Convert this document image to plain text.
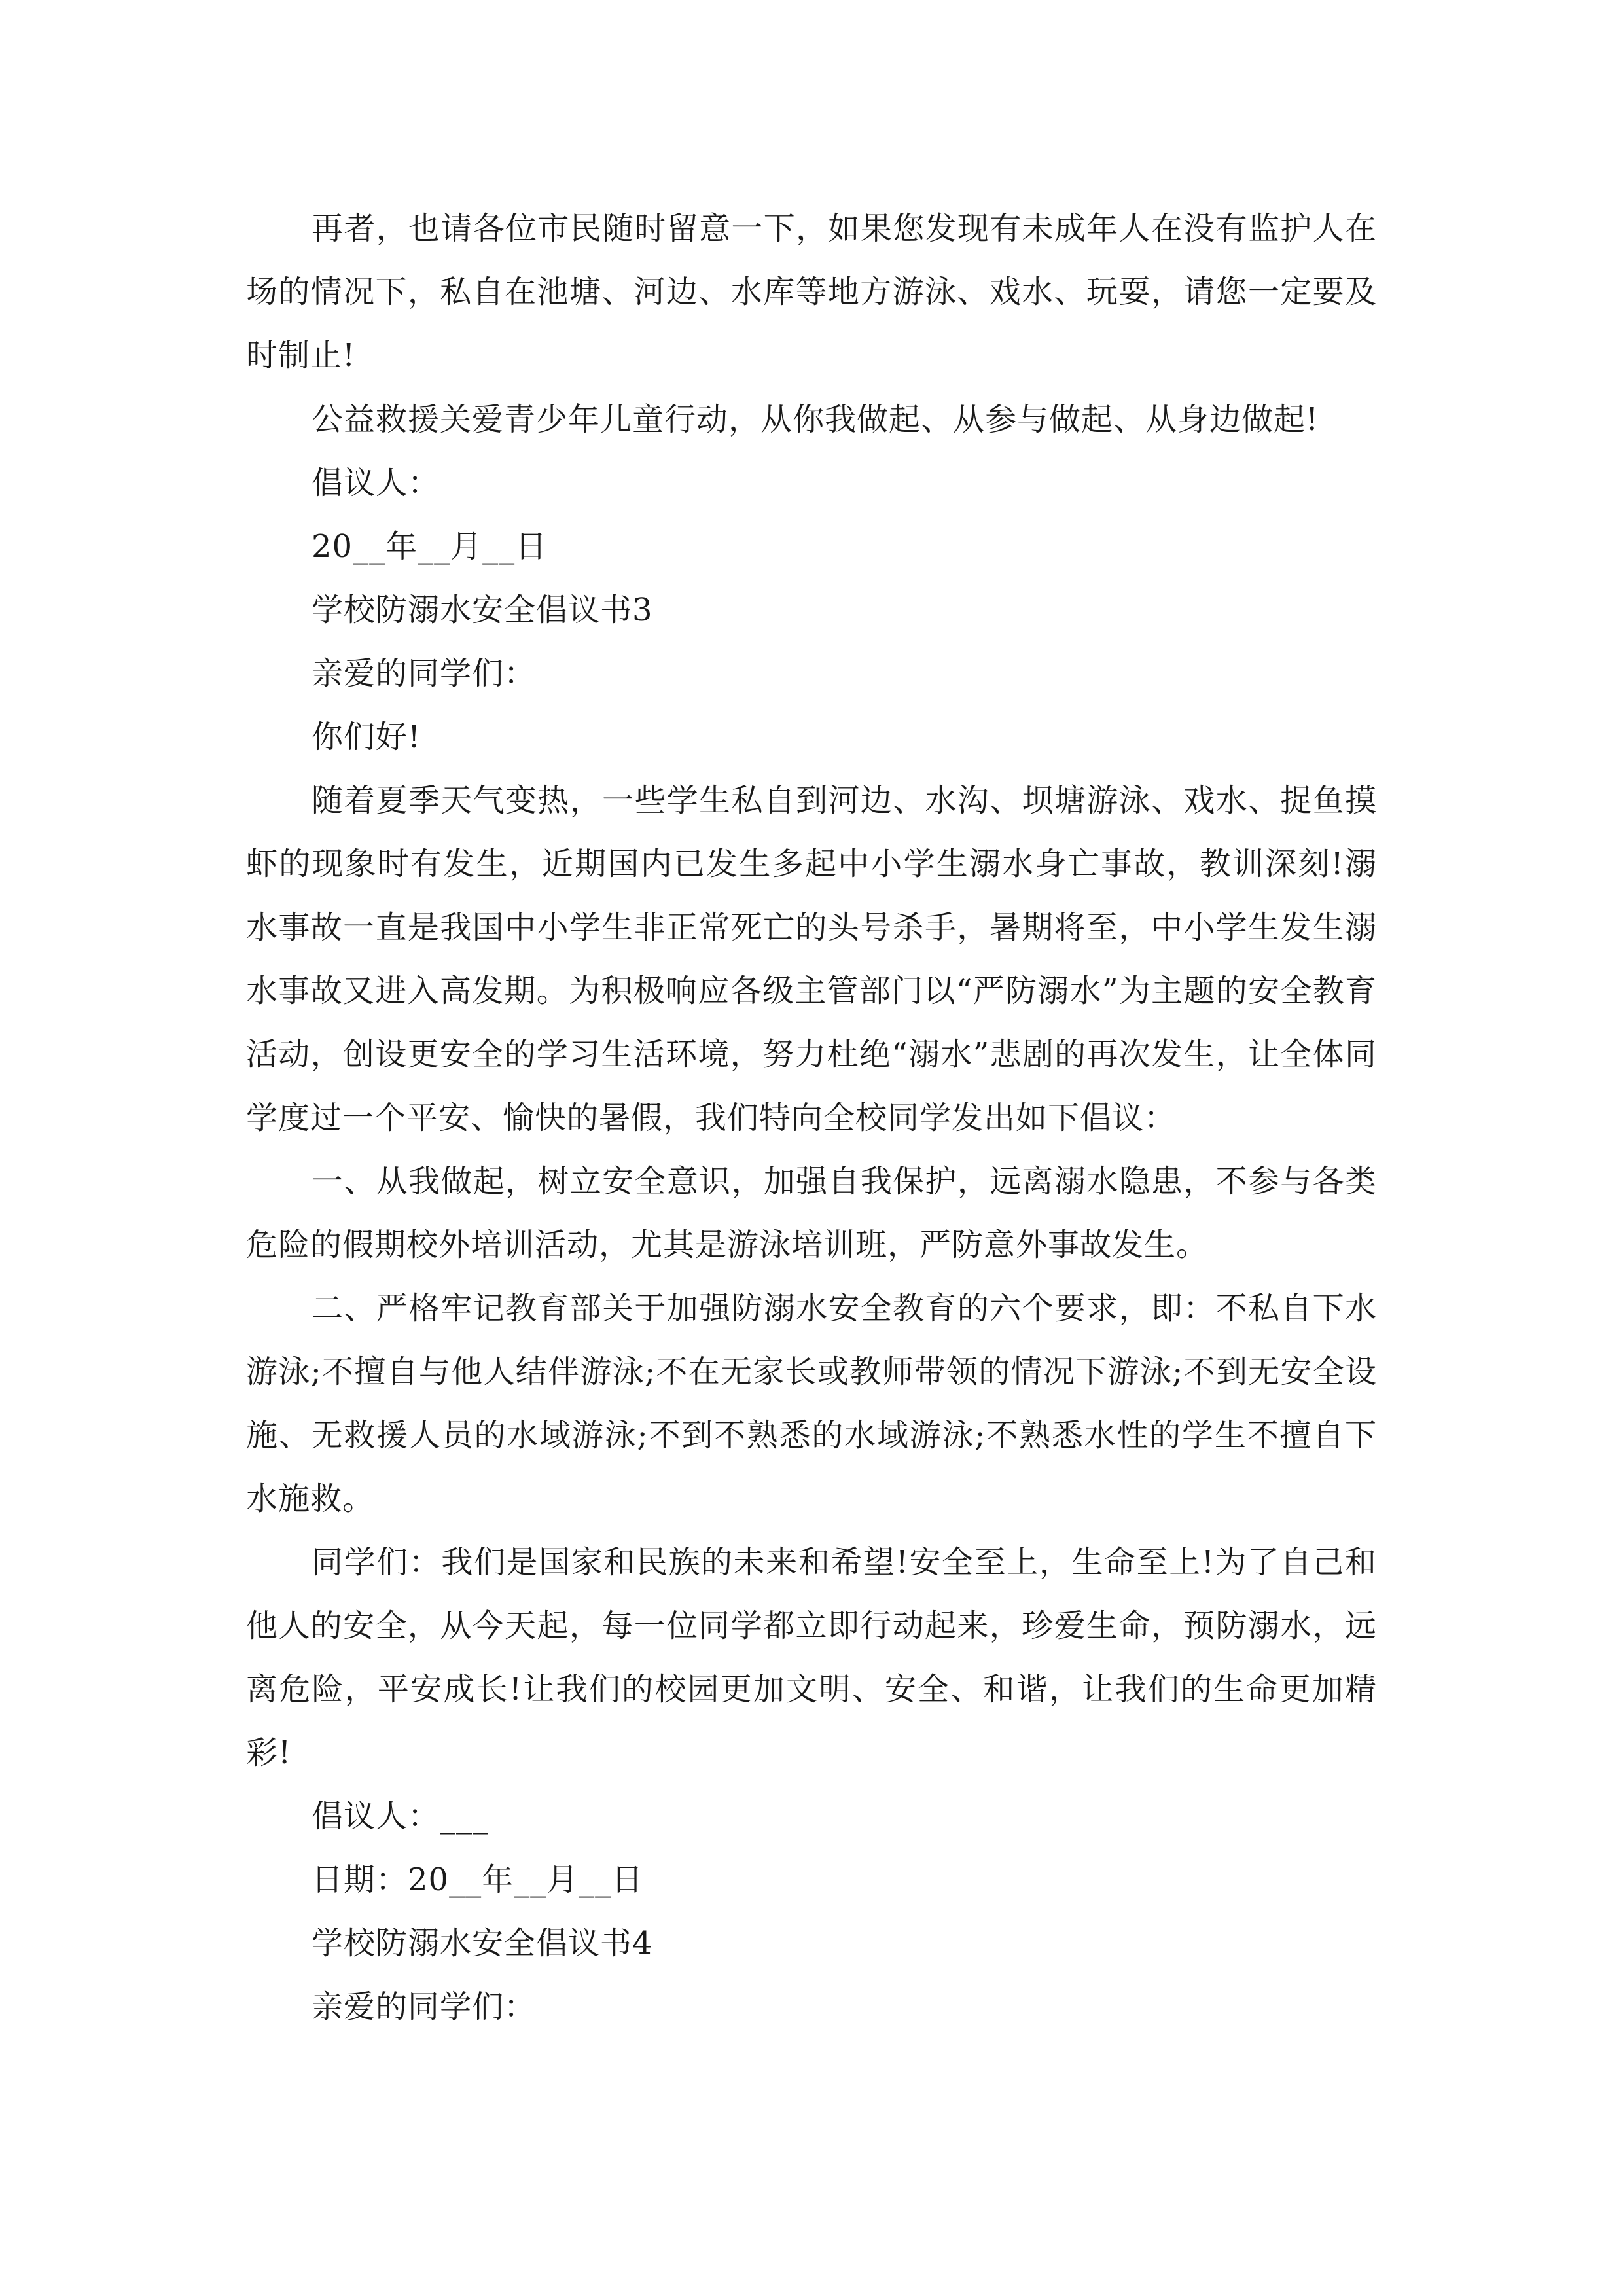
再者，也请各位市民随时留意一下，如果您发现有未成年人在没有监护人在场的情况下，私自在池塘、河边、水库等地方游泳、戏水、玩耍，请您一定要及时制止!

公益救援关爱青少年儿童行动，从你我做起、从参与做起、从身边做起!

倡议人：

20__年__月__日

学校防溺水安全倡议书3

亲爱的同学们：

你们好!

随着夏季天气变热，一些学生私自到河边、水沟、坝塘游泳、戏水、捉鱼摸虾的现象时有发生，近期国内已发生多起中小学生溺水身亡事故，教训深刻!溺水事故一直是我国中小学生非正常死亡的头号杀手，暑期将至，中小学生发生溺水事故又进入高发期。为积极响应各级主管部门以“严防溺水”为主题的安全教育活动，创设更安全的学习生活环境，努力杜绝“溺水”悲剧的再次发生，让全体同学度过一个平安、愉快的暑假，我们特向全校同学发出如下倡议：

一、从我做起，树立安全意识，加强自我保护，远离溺水隐患，不参与各类危险的假期校外培训活动，尤其是游泳培训班，严防意外事故发生。

二、严格牢记教育部关于加强防溺水安全教育的六个要求，即：不私自下水游泳;不擅自与他人结伴游泳;不在无家长或教师带领的情况下游泳;不到无安全设施、无救援人员的水域游泳;不到不熟悉的水域游泳;不熟悉水性的学生不擅自下水施救。

同学们：我们是国家和民族的未来和希望!安全至上，生命至上!为了自己和他人的安全，从今天起，每一位同学都立即行动起来，珍爱生命，预防溺水，远离危险，平安成长!让我们的校园更加文明、安全、和谐，让我们的生命更加精彩!

倡议人：___

日期：20__年__月__日

学校防溺水安全倡议书4

亲爱的同学们：
